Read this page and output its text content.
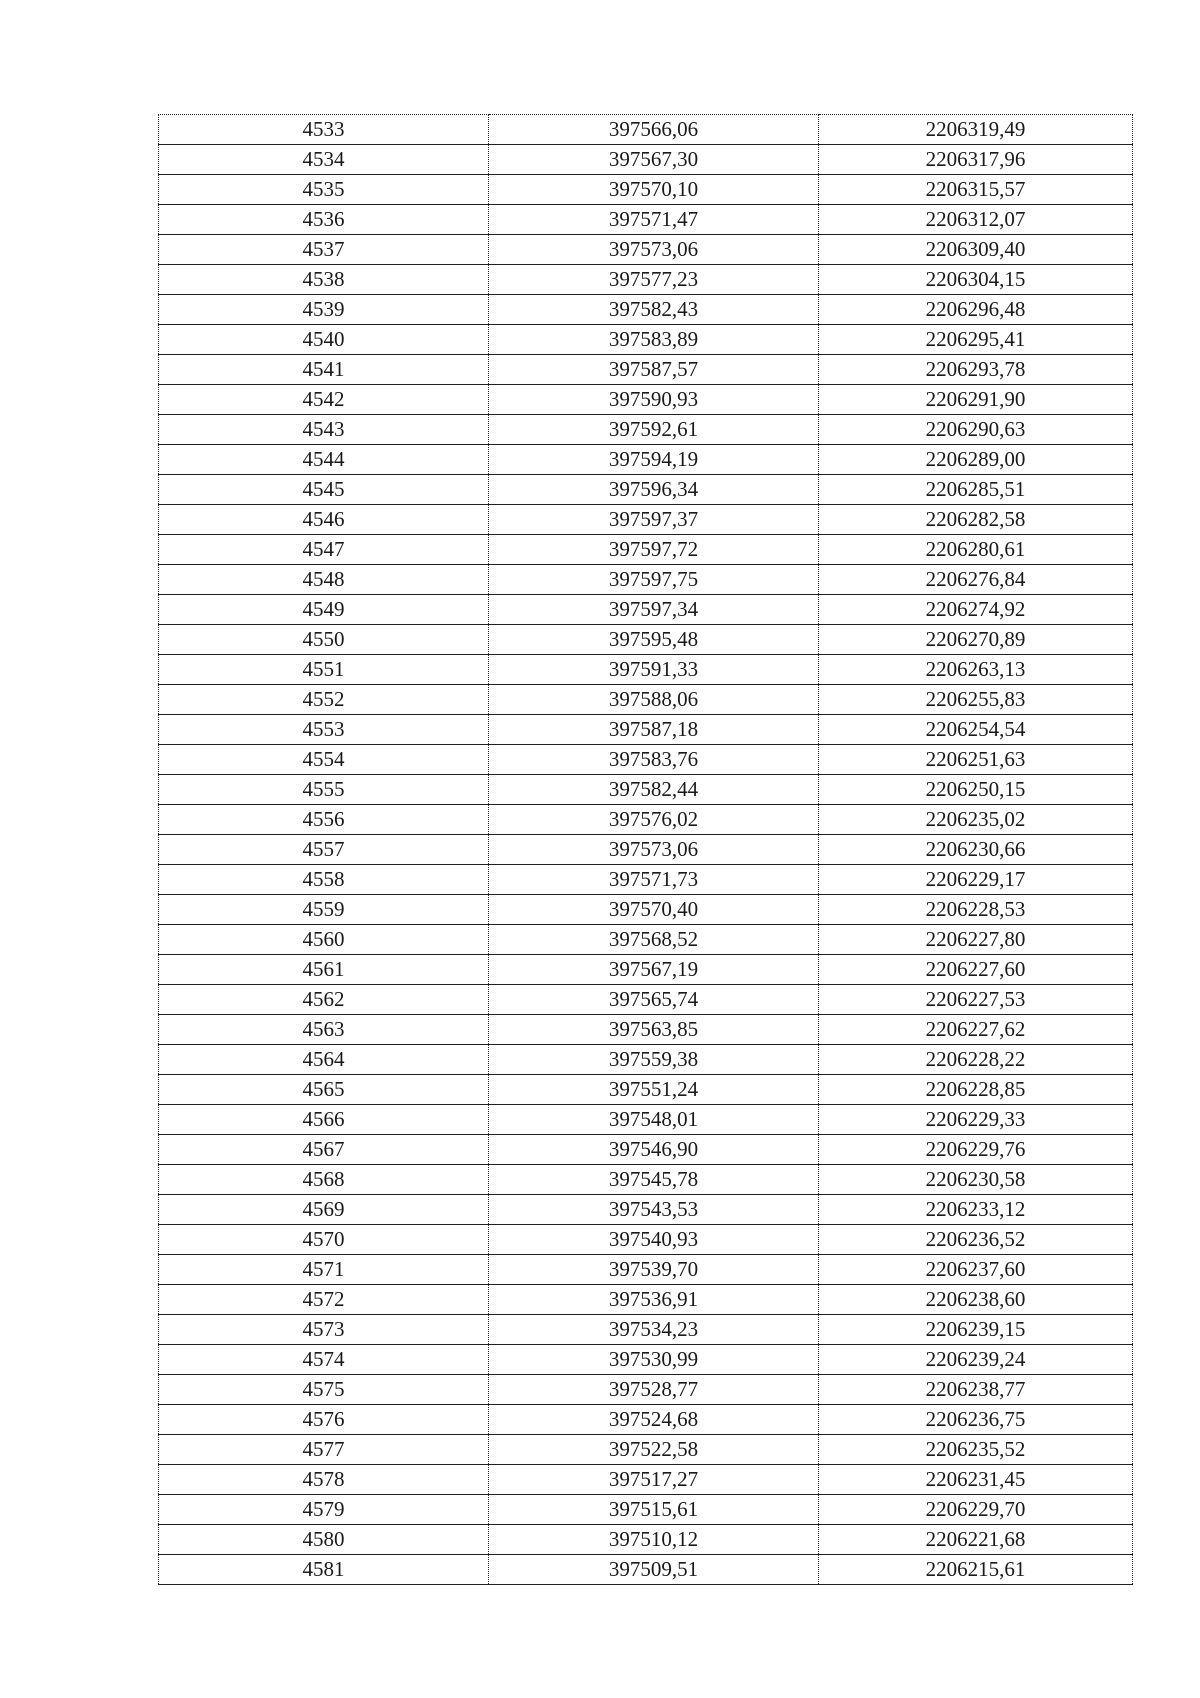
4533	397566,06	2206319,49
4534	397567,30	2206317,96
4535	397570,10	2206315,57
4536	397571,47	2206312,07
4537	397573,06	2206309,40
4538	397577,23	2206304,15
4539	397582,43	2206296,48
4540	397583,89	2206295,41
4541	397587,57	2206293,78
4542	397590,93	2206291,90
4543	397592,61	2206290,63
4544	397594,19	2206289,00
4545	397596,34	2206285,51
4546	397597,37	2206282,58
4547	397597,72	2206280,61
4548	397597,75	2206276,84
4549	397597,34	2206274,92
4550	397595,48	2206270,89
4551	397591,33	2206263,13
4552	397588,06	2206255,83
4553	397587,18	2206254,54
4554	397583,76	2206251,63
4555	397582,44	2206250,15
4556	397576,02	2206235,02
4557	397573,06	2206230,66
4558	397571,73	2206229,17
4559	397570,40	2206228,53
4560	397568,52	2206227,80
4561	397567,19	2206227,60
4562	397565,74	2206227,53
4563	397563,85	2206227,62
4564	397559,38	2206228,22
4565	397551,24	2206228,85
4566	397548,01	2206229,33
4567	397546,90	2206229,76
4568	397545,78	2206230,58
4569	397543,53	2206233,12
4570	397540,93	2206236,52
4571	397539,70	2206237,60
4572	397536,91	2206238,60
4573	397534,23	2206239,15
4574	397530,99	2206239,24
4575	397528,77	2206238,77
4576	397524,68	2206236,75
4577	397522,58	2206235,52
4578	397517,27	2206231,45
4579	397515,61	2206229,70
4580	397510,12	2206221,68
4581	397509,51	2206215,61
